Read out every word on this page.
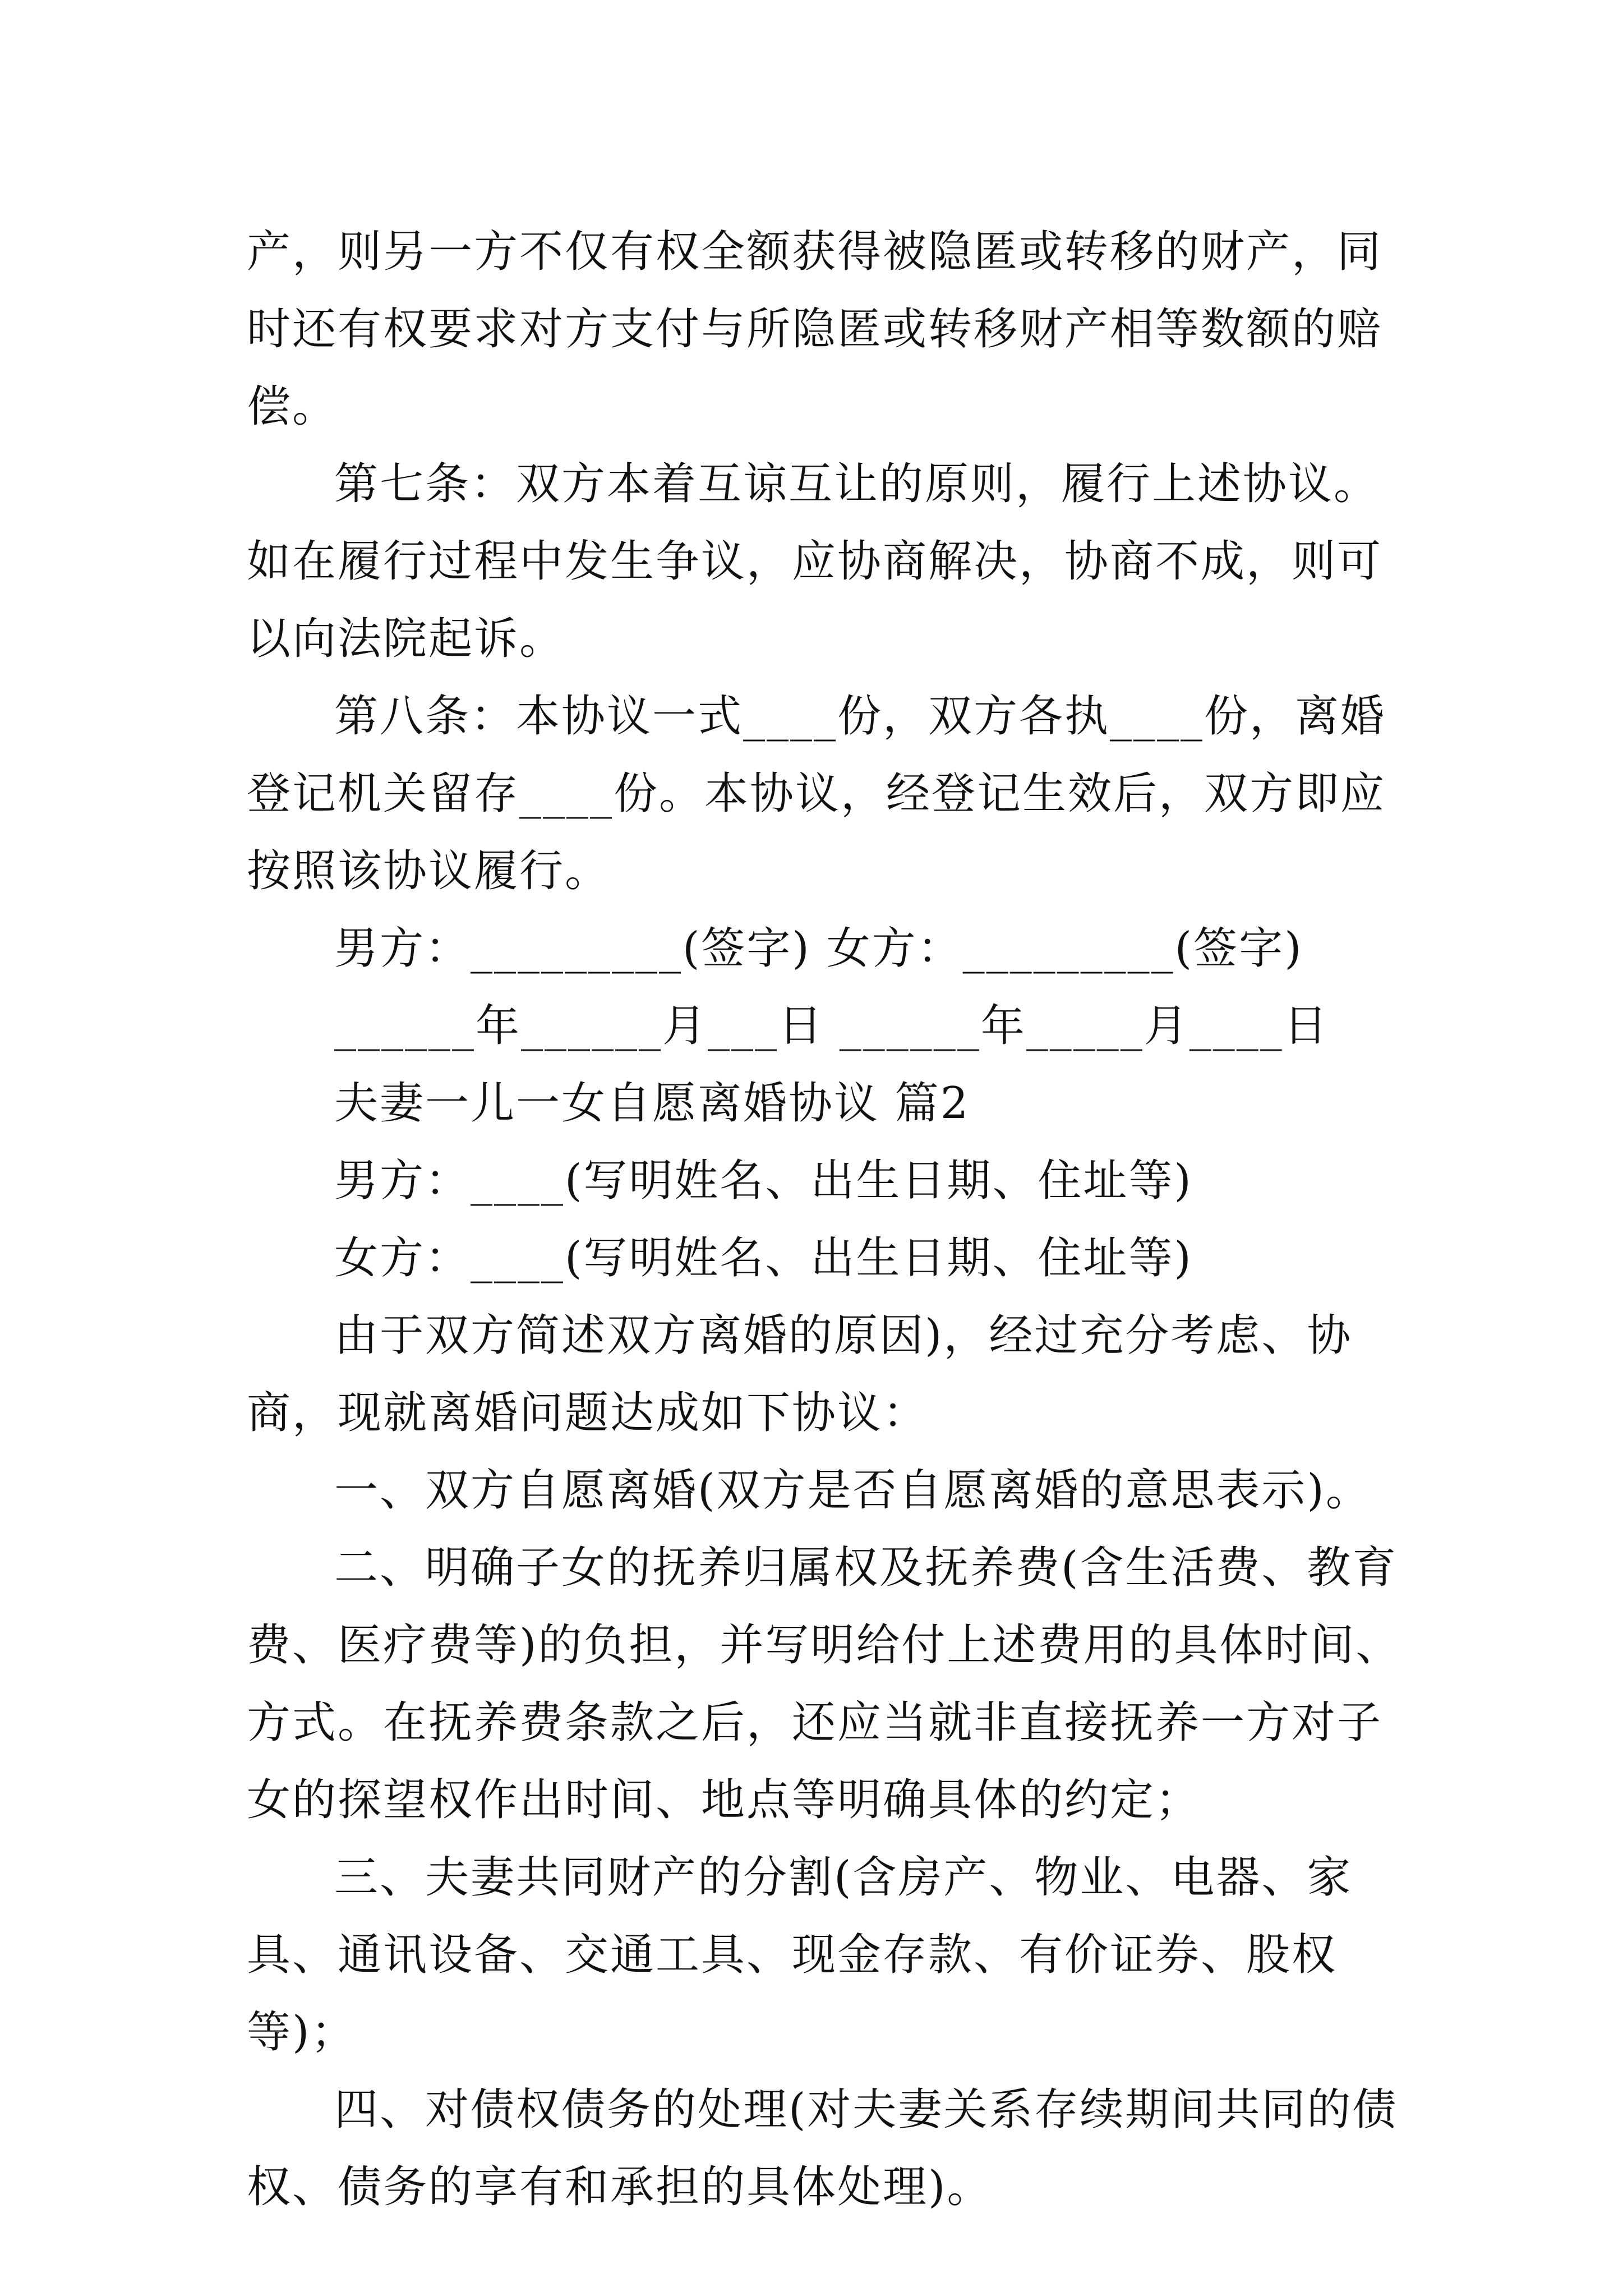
产，则另一方不仅有权全额获得被隐匿或转移的财产，同时还有权要求对方支付与所隐匿或转移财产相等数额的赔偿。

第七条：双方本着互谅互让的原则，履行上述协议。如在履行过程中发生争议，应协商解决，协商不成，则可以向法院起诉。

第八条：本协议一式____份，双方各执____份，离婚登记机关留存____份。本协议，经登记生效后，双方即应按照该协议履行。

男方：_________(签字) 女方：_________(签字)

______年______月___日 ______年_____月____日

夫妻一儿一女自愿离婚协议 篇2

男方：____(写明姓名、出生日期、住址等)

女方：____(写明姓名、出生日期、住址等)

由于双方简述双方离婚的原因)，经过充分考虑、协商，现就离婚问题达成如下协议：

一、双方自愿离婚(双方是否自愿离婚的意思表示)。

二、明确子女的抚养归属权及抚养费(含生活费、教育费、医疗费等)的负担，并写明给付上述费用的具体时间、方式。在抚养费条款之后，还应当就非直接抚养一方对子女的探望权作出时间、地点等明确具体的约定；

三、夫妻共同财产的分割(含房产、物业、电器、家具、通讯设备、交通工具、现金存款、有价证券、股权等)；

四、对债权债务的处理(对夫妻关系存续期间共同的债权、债务的享有和承担的具体处理)。
